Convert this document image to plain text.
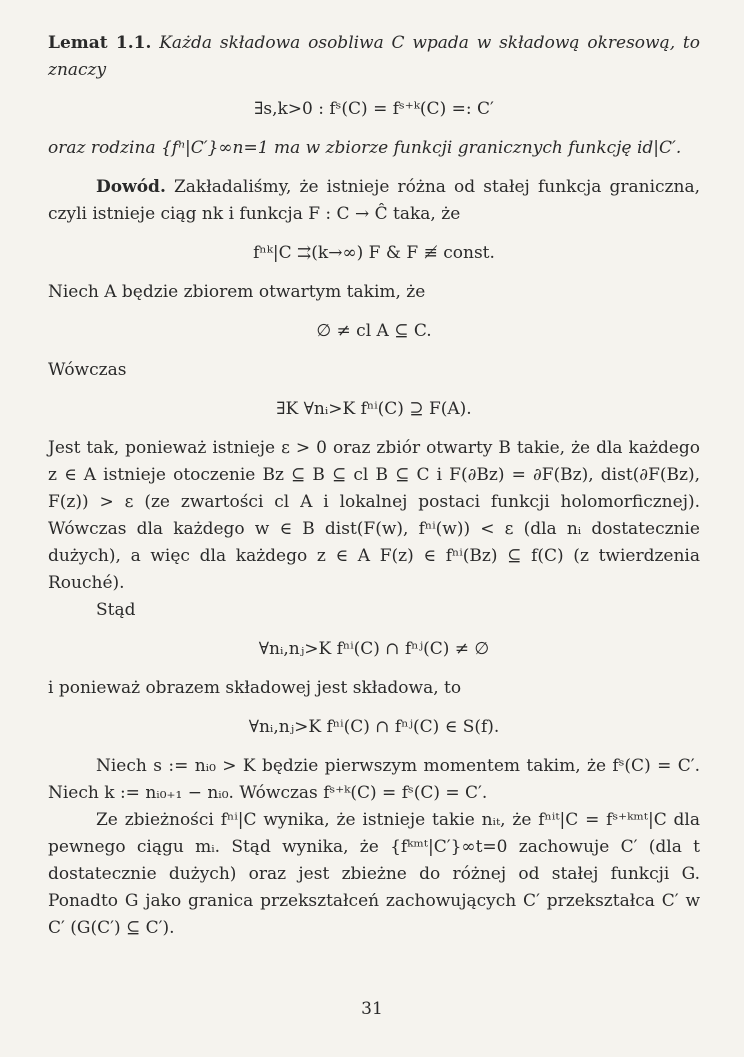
Lemat 1.1. Każda składowa osobliwa C wpada w składową okresową, to znaczy

∃s,k>0 : fˢ(C) = fˢ⁺ᵏ(C) =: C′

oraz rodzina {fⁿ|C′}∞n=1 ma w zbiorze funkcji granicznych funkcję id|C′.

Dowód. Zakładaliśmy, że istnieje różna od stałej funkcja graniczna, czyli istnieje ciąg nk i funkcja F : C → Ĉ taka, że

fⁿᵏ|C ⇉(k→∞) F & F ≢ const.

Niech A będzie zbiorem otwartym takim, że

∅ ≠ cl A ⊆ C.

Wówczas

∃K ∀nᵢ>K fⁿⁱ(C) ⊇ F(A).

Jest tak, ponieważ istnieje ε > 0 oraz zbiór otwarty B takie, że dla każdego z ∈ A istnieje otoczenie Bz ⊆ B ⊆ cl B ⊆ C i F(∂Bz) = ∂F(Bz), dist(∂F(Bz), F(z)) > ε (ze zwartości cl A i lokalnej postaci funkcji holomorficznej). Wówczas dla każdego w ∈ B dist(F(w), fⁿⁱ(w)) < ε (dla nᵢ dostatecznie dużych), a więc dla każdego z ∈ A F(z) ∈ fⁿⁱ(Bz) ⊆ f(C) (z twierdzenia Rouché).

Stąd

∀nᵢ,nⱼ>K fⁿⁱ(C) ∩ fⁿʲ(C) ≠ ∅

i ponieważ obrazem składowej jest składowa, to

∀nᵢ,nⱼ>K fⁿⁱ(C) ∩ fⁿʲ(C) ∈ S(f).

Niech s := nᵢ₀ > K będzie pierwszym momentem takim, że fˢ(C) = C′. Niech k := nᵢ₀₊₁ − nᵢ₀. Wówczas fˢ⁺ᵏ(C) = fˢ(C) = C′.

Ze zbieżności fⁿⁱ|C wynika, że istnieje takie nᵢₜ, że fⁿⁱᵗ|C = fˢ⁺ᵏᵐᵗ|C dla pewnego ciągu mᵢ. Stąd wynika, że {fᵏᵐᵗ|C′}∞t=0 zachowuje C′ (dla t dostatecznie dużych) oraz jest zbieżne do różnej od stałej funkcji G. Ponadto G jako granica przekształceń zachowujących C′ przekształca C′ w C′ (G(C′) ⊆ C′).

31
